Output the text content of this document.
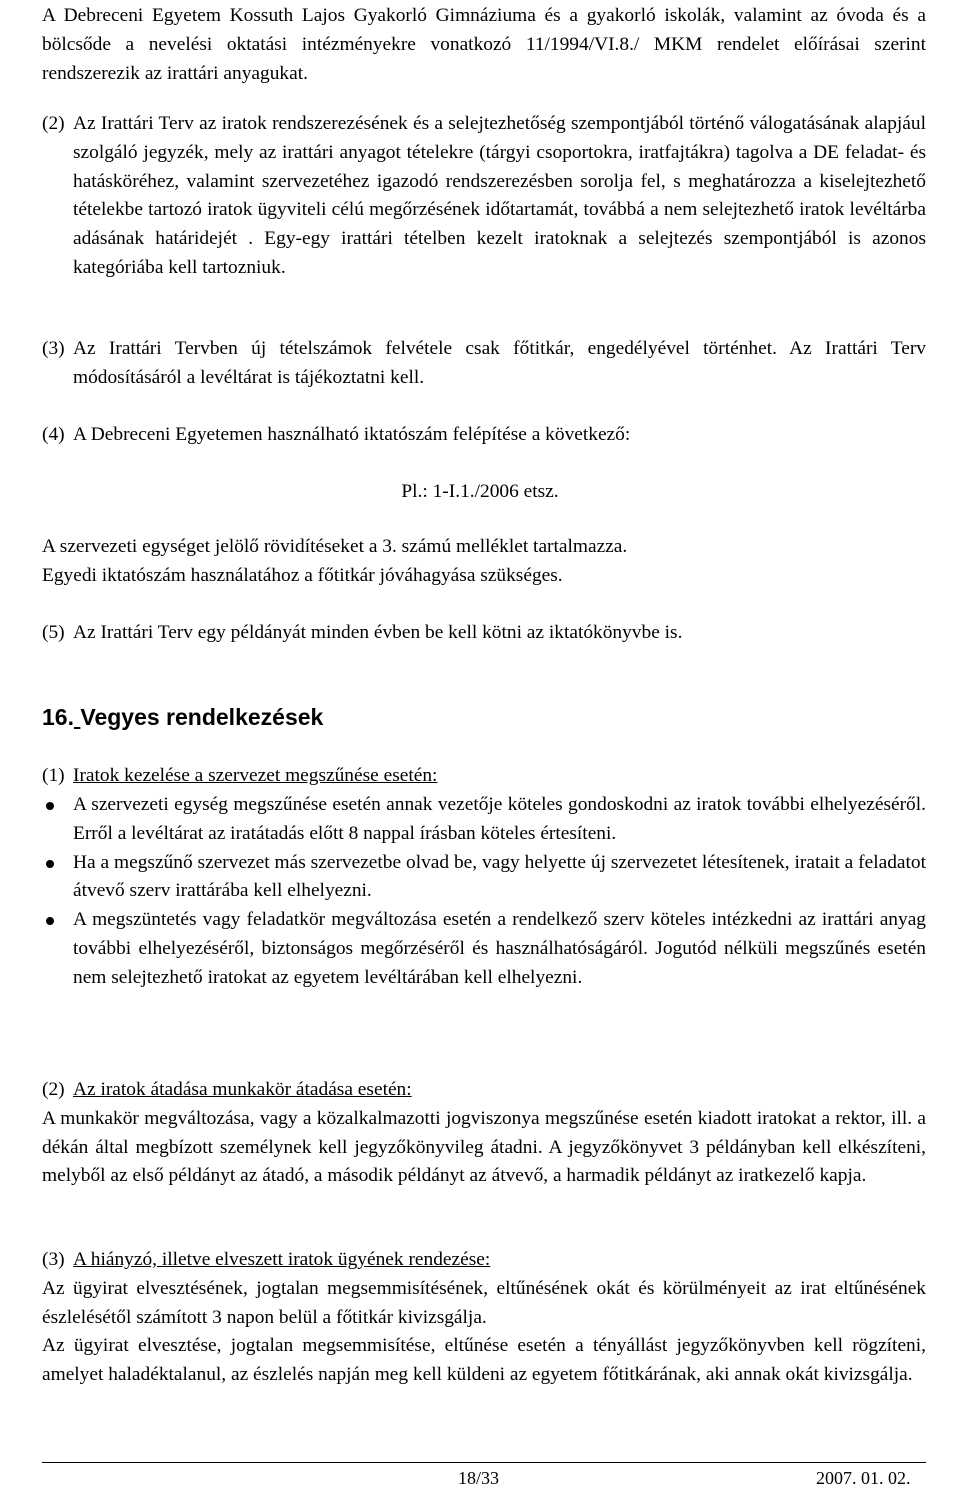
A Debreceni Egyetem Kossuth Lajos Gyakorló Gimnáziuma és a gyakorló iskolák, valamint az óvoda és a bölcsőde a nevelési oktatási intézményekre vonatkozó 11/1994/VI.8./ MKM rendelet előírásai szerint rendszerezik az irattári anyagukat.

(2) Az Irattári Terv az iratok rendszerezésének és a selejtezhetőség szempontjából történő válogatásának alapjául szolgáló jegyzék, mely az irattári anyagot tételekre (tárgyi csoportokra, iratfajtákra) tagolva a DE feladat- és hatásköréhez, valamint szervezetéhez igazodó rendszerezésben sorolja fel, s meghatározza a kiselejtezhető tételekbe tartozó iratok ügyviteli célú megőrzésének időtartamát, továbbá a nem selejtezhető iratok levéltárba adásának határidejét . Egy-egy irattári tételben kezelt iratoknak a selejtezés szempontjából is azonos kategóriába kell tartozniuk.
(3) Az Irattári Tervben új tételszámok felvétele csak főtitkár, engedélyével történhet. Az Irattári Terv módosításáról a levéltárat is tájékoztatni kell.
(4) A Debreceni Egyetemen használható iktatószám felépítése a következő:
Pl.: 1-I.1./2006 etsz.
A szervezeti egységet jelölő rövidítéseket a 3. számú melléklet tartalmazza.
Egyedi iktatószám használatához a főtitkár jóváhagyása szükséges.
(5) Az Irattári Terv egy példányát minden évben be kell kötni az iktatókönyvbe is.
16. Vegyes rendelkezések
(1) Iratok kezelése a szervezet megszűnése esetén:
A szervezeti egység megszűnése esetén annak vezetője köteles gondoskodni az iratok további elhelyezéséről. Erről a levéltárat az iratátadás előtt 8 nappal írásban köteles értesíteni.
Ha a megszűnő szervezet más szervezetbe olvad be, vagy helyette új szervezetet létesítenek, iratait a feladatot átvevő szerv irattárába kell elhelyezni.
A megszüntetés vagy feladatkör megváltozása esetén a rendelkező szerv köteles intézkedni az irattári anyag további elhelyezéséről, biztonságos megőrzéséről és használhatóságáról. Jogutód nélküli megszűnés esetén nem selejtezhető iratokat az egyetem levéltárában kell elhelyezni.
(2) Az iratok átadása munkakör átadása esetén:
A munkakör megváltozása, vagy a közalkalmazotti jogviszonya megszűnése esetén kiadott iratokat a rektor, ill. a dékán által megbízott személynek kell jegyzőkönyvileg átadni. A jegyzőkönyvet 3 példányban kell elkészíteni, melyből az első példányt az átadó, a második példányt az átvevő, a harmadik példányt az iratkezelő kapja.
(3) A hiányzó, illetve elveszett iratok ügyének rendezése:
Az ügyirat elvesztésének, jogtalan megsemmisítésének, eltűnésének okát és körülményeit az irat eltűnésének észlelésétől számított 3 napon belül a főtitkár kivizsgálja.
Az ügyirat elvesztése, jogtalan megsemmisítése, eltűnése esetén a tényállást jegyzőkönyvben kell rögzíteni, amelyet haladéktalanul, az észlelés napján meg kell küldeni az egyetem főtitkárának, aki annak okát kivizsgálja.
18/33	2007. 01. 02.
